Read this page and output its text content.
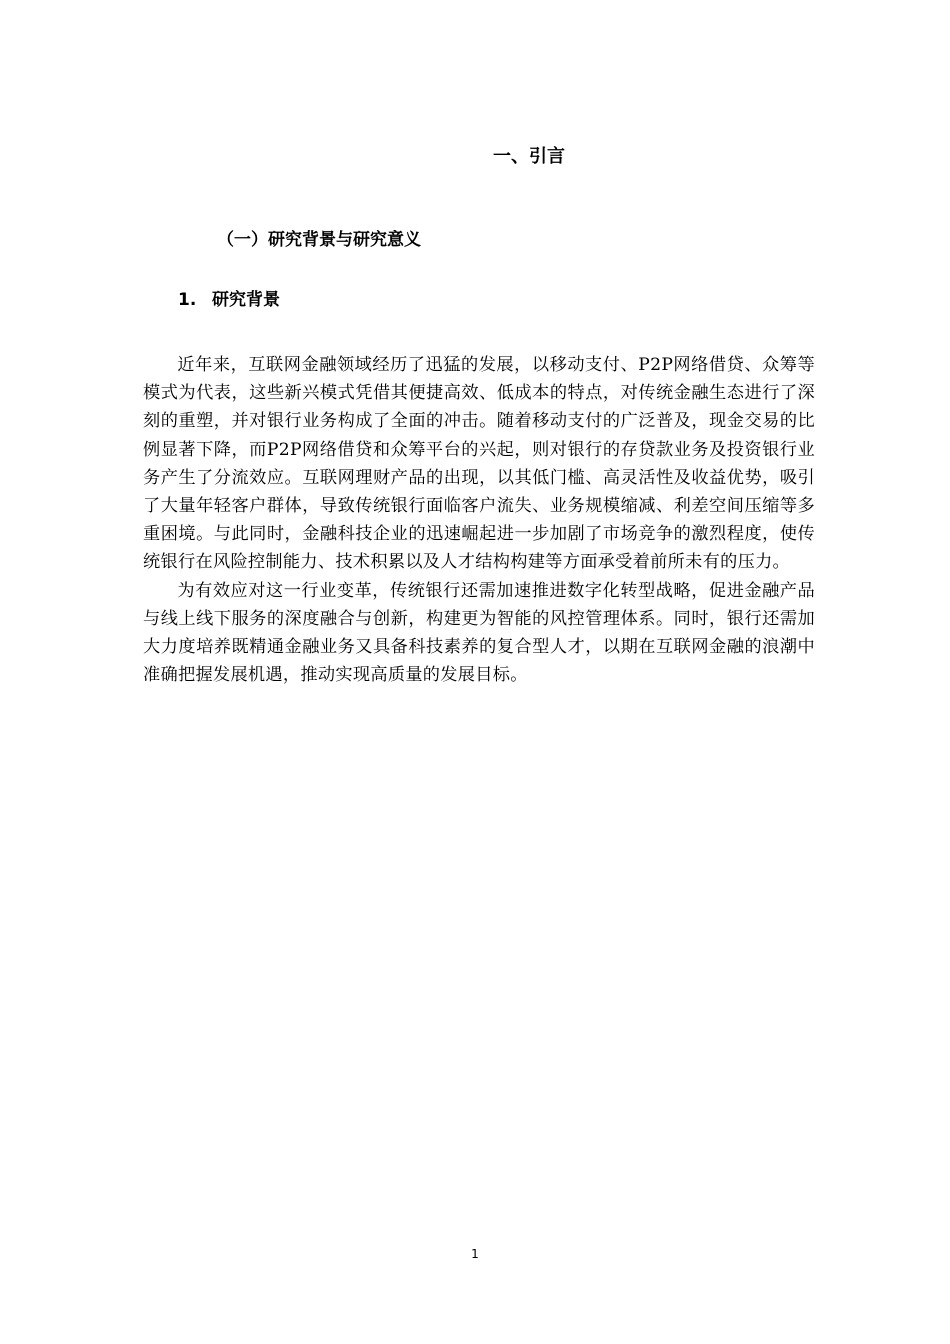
一、引言
（一）研究背景与研究意义
1. 研究背景

近年来，互联网金融领域经历了迅猛的发展，以移动支付、P2P网络借贷、众筹等模式为代表，这些新兴模式凭借其便捷高效、低成本的特点，对传统金融生态进行了深刻的重塑，并对银行业务构成了全面的冲击。随着移动支付的广泛普及，现金交易的比例显著下降，而P2P网络借贷和众筹平台的兴起，则对银行的存贷款业务及投资银行业务产生了分流效应。互联网理财产品的出现，以其低门槛、高灵活性及收益优势，吸引了大量年轻客户群体，导致传统银行面临客户流失、业务规模缩减、利差空间压缩等多重困境。与此同时，金融科技企业的迅速崛起进一步加剧了市场竞争的激烈程度，使传统银行在风险控制能力、技术积累以及人才结构构建等方面承受着前所未有的压力。

为有效应对这一行业变革，传统银行还需加速推进数字化转型战略，促进金融产品与线上线下服务的深度融合与创新，构建更为智能的风控管理体系。同时，银行还需加大力度培养既精通金融业务又具备科技素养的复合型人才，以期在互联网金融的浪潮中准确把握发展机遇，推动实现高质量的发展目标。

1
